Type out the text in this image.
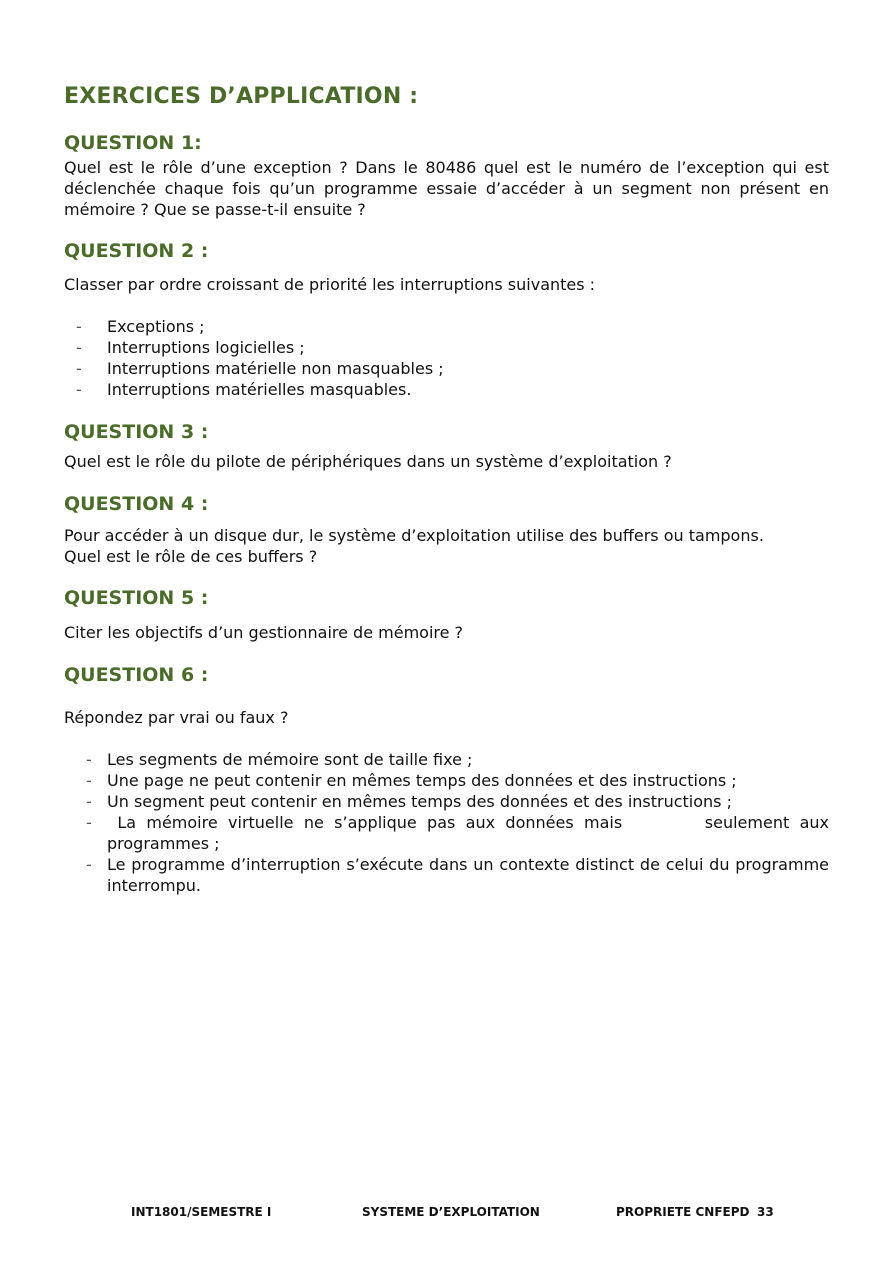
EXERCICES D’APPLICATION :
QUESTION 1:

Quel est le rôle d’une exception ? Dans le 80486 quel est le numéro de l’exception qui est déclenchée chaque fois qu’un programme essaie d’accéder à un segment non présent en mémoire ? Que se passe-t-il ensuite ?

QUESTION 2 :

Classer par ordre croissant de priorité les interruptions suivantes :

- Exceptions ;
- Interruptions logicielles ;
- Interruptions matérielle non masquables ;
- Interruptions matérielles masquables.
QUESTION 3 :

Quel est le rôle du pilote de périphériques dans un système d’exploitation ?

QUESTION 4 :

Pour accéder à un disque dur, le système d’exploitation utilise des buffers ou tampons.

Quel est le rôle de ces buffers ?

QUESTION 5 :

Citer les objectifs d’un gestionnaire de mémoire ?

QUESTION 6 :

Répondez par vrai ou faux ?

- Les segments de mémoire sont de taille fixe ;
- Une page ne peut contenir en mêmes temps des données et des instructions ;
- Un segment peut contenir en mêmes temps des données et des instructions ;
- La mémoire virtuelle ne s’applique pas aux données mais        seulement aux programmes ;
- Le programme d’interruption s’exécute dans un contexte distinct de celui du programme interrompu.
INT1801/SEMESTRE I	SYSTEME D’EXPLOITATION	PROPRIETE CNFEPD 33
